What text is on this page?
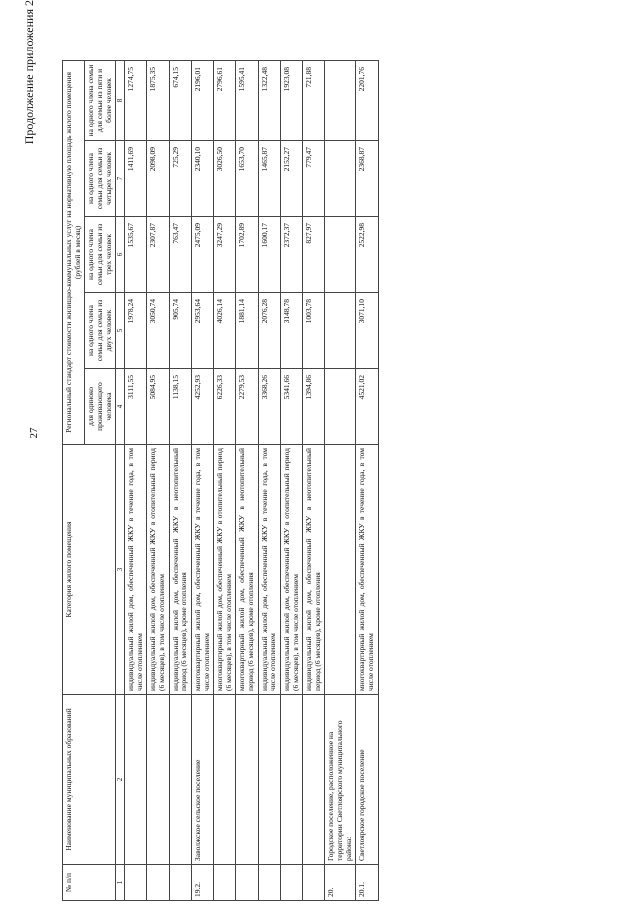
27
Продолжение приложения 2
№ п/п	Наименование муниципальных образований	Категория жилого помещения	Региональный стандарт стоимости жилищно-коммунальных услуг на нормативную площадь жилого помещения (рублей в месяц)				
			для одиноко проживающего человека	на одного члена семьи для семьи из двух человек	на одного члена семьи для семьи из трех человек	на одного члена семьи для семьи из четырех человек	на одного члена семьи для семьи из пяти и более человек
1	2	3	4	5	6	7	8
		индивидуальный жилой дом, обеспеченный ЖКУ в течение года, в том числе отоплением	3111,55	1978,24	1535,67	1411,69	1274,75
		индивидуальный жилой дом, обеспеченный ЖКУ в отопительный период (6 месяцев), в том числе отоплением	5084,95	3050,74	2307,87	2098,09	1875,35
		индивидуальный жилой дом, обеспеченный ЖКУ в неотопительный период (6 месяцев), кроме отопления	1138,15	905,74	763,47	725,29	674,15
19.2.	Заволжское сельское поселение	многоквартирный жилой дом, обеспеченный ЖКУ в течение года, в том числе отоплением	4252,93	2953,64	2475,09	2340,10	2196,01
		многоквартирный жилой дом, обеспеченный ЖКУ в отопительный период (6 месяцев), в том числе отоплением	6226,33	4026,14	3247,29	3026,50	2796,61
		многоквартирный жилой дом, обеспеченный ЖКУ в неотопительный период (6 месяцев), кроме отопления	2279,53	1881,14	1702,89	1653,70	1595,41
		индивидуальный жилой дом, обеспеченный ЖКУ в течение года, в том числе отоплением	3368,26	2076,28	1600,17	1465,87	1322,48
		индивидуальный жилой дом, обеспеченный ЖКУ в отопительный период (6 месяцев), в том числе отоплением	5341,66	3148,78	2372,37	2152,27	1923,08
		индивидуальный жилой дом, обеспеченный ЖКУ в неотопительный период (6 месяцев), кроме отопления	1394,86	1003,78	827,97	779,47	721,88
20.	Городское поселение, расположенное на территории Светлоярского муниципального района:						
20.1.	Светлоярское городское поселение	многоквартирный жилой дом, обеспеченный ЖКУ в течение года, в том числе отоплением	4521,02	3071,10	2522,98	2368,87	2201,76
